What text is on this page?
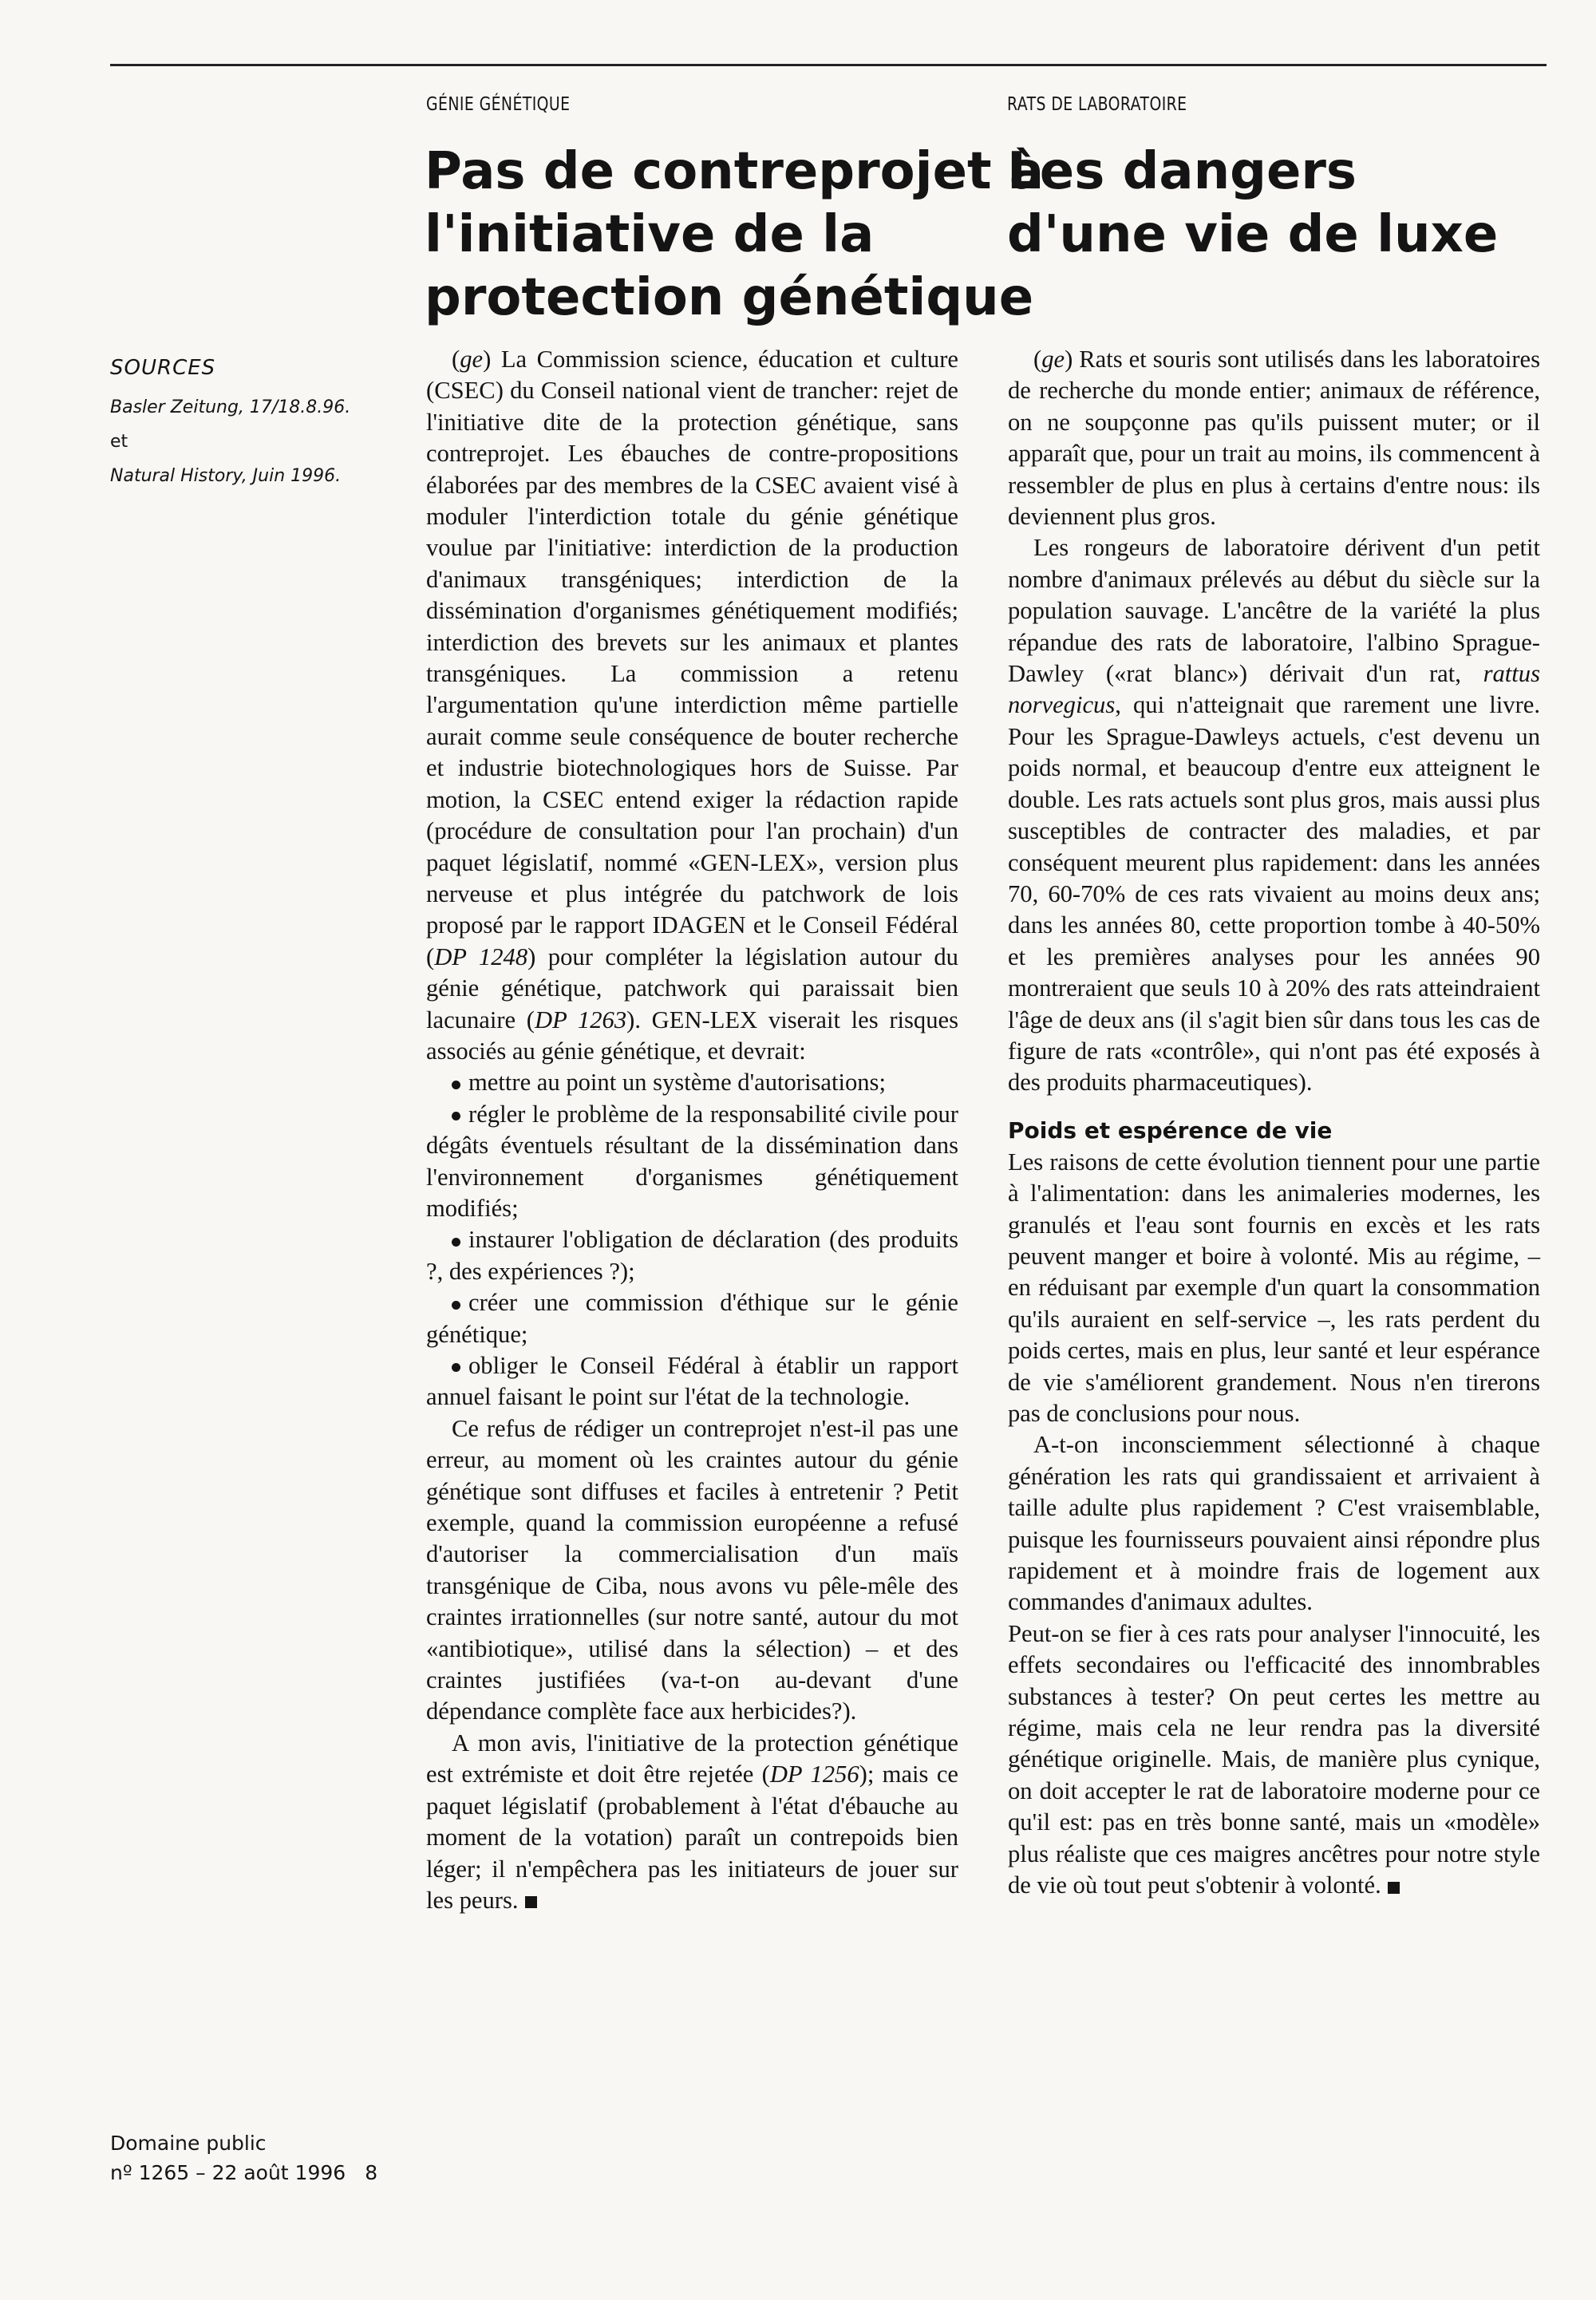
SOURCES
Basler Zeitung, 17/18.8.96.
et
Natural History, Juin 1996.

GÉNIE GÉNÉTIQUE

Pas de contreprojet à
l'initiative de la
protection génétique

(ge) La Commission science, éducation et culture (CSEC) du Conseil national vient de trancher: rejet de l'initiative dite de la protection génétique, sans contreprojet. Les ébauches de contre-propositions élaborées par des membres de la CSEC avaient visé à moduler l'interdiction totale du génie génétique voulue par l'initiative: interdiction de la production d'animaux transgéniques; interdiction de la dissémination d'organismes génétiquement modifiés; interdiction des brevets sur les animaux et plantes transgéniques. La commission a retenu l'argumentation qu'une interdiction même partielle aurait comme seule conséquence de bouter recherche et industrie biotechnologiques hors de Suisse. Par motion, la CSEC entend exiger la rédaction rapide (procédure de consultation pour l'an prochain) d'un paquet législatif, nommé «GEN-LEX», version plus nerveuse et plus intégrée du patchwork de lois proposé par le rapport IDAGEN et le Conseil Fédéral (DP 1248) pour compléter la législation autour du génie génétique, patchwork qui paraissait bien lacunaire (DP 1263). GEN-LEX viserait les risques associés au génie génétique, et devrait:

mettre au point un système d'autorisations;

régler le problème de la responsabilité civile pour dégâts éventuels résultant de la dissémination dans l'environnement d'organismes génétiquement modifiés;

instaurer l'obligation de déclaration (des produits ?, des expériences ?);

créer une commission d'éthique sur le génie génétique;

obliger le Conseil Fédéral à établir un rapport annuel faisant le point sur l'état de la technologie.

Ce refus de rédiger un contreprojet n'est-il pas une erreur, au moment où les craintes autour du génie génétique sont diffuses et faciles à entretenir ? Petit exemple, quand la commission européenne a refusé d'autoriser la commercialisation d'un maïs transgénique de Ciba, nous avons vu pêle-mêle des craintes irrationnelles (sur notre santé, autour du mot «antibiotique», utilisé dans la sélection) – et des craintes justifiées (va-t-on au-devant d'une dépendance complète face aux herbicides?).

A mon avis, l'initiative de la protection génétique est extrémiste et doit être rejetée (DP 1256); mais ce paquet législatif (probablement à l'état d'ébauche au moment de la votation) paraît un contrepoids bien léger; il n'empêchera pas les initiateurs de jouer sur les peurs.

RATS DE LABORATOIRE

Les dangers
d'une vie de luxe

(ge) Rats et souris sont utilisés dans les laboratoires de recherche du monde entier; animaux de référence, on ne soupçonne pas qu'ils puissent muter; or il apparaît que, pour un trait au moins, ils commencent à ressembler de plus en plus à certains d'entre nous: ils deviennent plus gros.

Les rongeurs de laboratoire dérivent d'un petit nombre d'animaux prélevés au début du siècle sur la population sauvage. L'ancêtre de la variété la plus répandue des rats de laboratoire, l'albino Sprague-Dawley («rat blanc») dérivait d'un rat, rattus norvegicus, qui n'atteignait que rarement une livre. Pour les Sprague-Dawleys actuels, c'est devenu un poids normal, et beaucoup d'entre eux atteignent le double. Les rats actuels sont plus gros, mais aussi plus susceptibles de contracter des maladies, et par conséquent meurent plus rapidement: dans les années 70, 60-70% de ces rats vivaient au moins deux ans; dans les années 80, cette proportion tombe à 40-50% et les premières analyses pour les années 90 montreraient que seuls 10 à 20% des rats atteindraient l'âge de deux ans (il s'agit bien sûr dans tous les cas de figure de rats «contrôle», qui n'ont pas été exposés à des produits pharmaceutiques).

Poids et espérence de vie

Les raisons de cette évolution tiennent pour une partie à l'alimentation: dans les animaleries modernes, les granulés et l'eau sont fournis en excès et les rats peuvent manger et boire à volonté. Mis au régime, – en réduisant par exemple d'un quart la consommation qu'ils auraient en self-service –, les rats perdent du poids certes, mais en plus, leur santé et leur espérance de vie s'améliorent grandement. Nous n'en tirerons pas de conclusions pour nous.

A-t-on inconsciemment sélectionné à chaque génération les rats qui grandissaient et arrivaient à taille adulte plus rapidement ? C'est vraisemblable, puisque les fournisseurs pouvaient ainsi répondre plus rapidement et à moindre frais de logement aux commandes d'animaux adultes.

Peut-on se fier à ces rats pour analyser l'innocuité, les effets secondaires ou l'efficacité des innombrables substances à tester? On peut certes les mettre au régime, mais cela ne leur rendra pas la diversité génétique originelle. Mais, de manière plus cynique, on doit accepter le rat de laboratoire moderne pour ce qu'il est: pas en très bonne santé, mais un «modèle» plus réaliste que ces maigres ancêtres pour notre style de vie où tout peut s'obtenir à volonté.

Domaine public
nº 1265 – 22 août 1996 8
